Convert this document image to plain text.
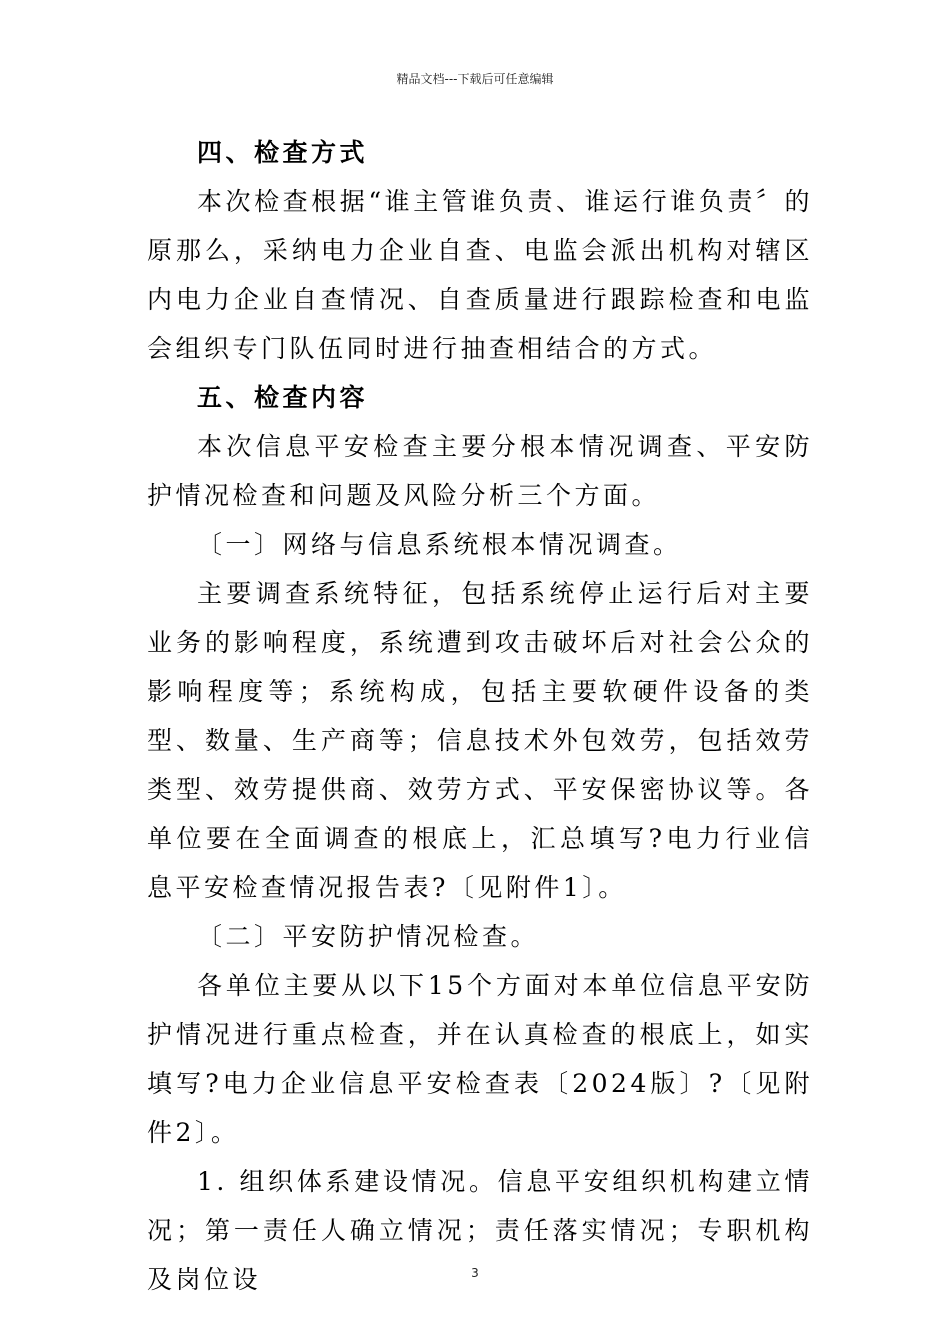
精品文档---下载后可任意编辑

四、检查方式

本次检查根据“谁主管谁负责、谁运行谁负责〞的原那么，采纳电力企业自查、电监会派出机构对辖区内电力企业自查情况、自查质量进行跟踪检查和电监会组织专门队伍同时进行抽查相结合的方式。

五、检查内容

本次信息平安检查主要分根本情况调查、平安防护情况检查和问题及风险分析三个方面。

〔一〕网络与信息系统根本情况调查。

主要调查系统特征，包括系统停止运行后对主要业务的影响程度，系统遭到攻击破坏后对社会公众的影响程度等；系统构成，包括主要软硬件设备的类型、数量、生产商等；信息技术外包效劳，包括效劳类型、效劳提供商、效劳方式、平安保密协议等。各单位要在全面调查的根底上，汇总填写?电力行业信息平安检查情况报告表?〔见附件1〕。

〔二〕平安防护情况检查。

各单位主要从以下15个方面对本单位信息平安防护情况进行重点检查，并在认真检查的根底上，如实填写?电力企业信息平安检查表〔2024版〕?〔见附件2〕。

1. 组织体系建设情况。信息平安组织机构建立情况；第一责任人确立情况；责任落实情况；专职机构及岗位设	3
